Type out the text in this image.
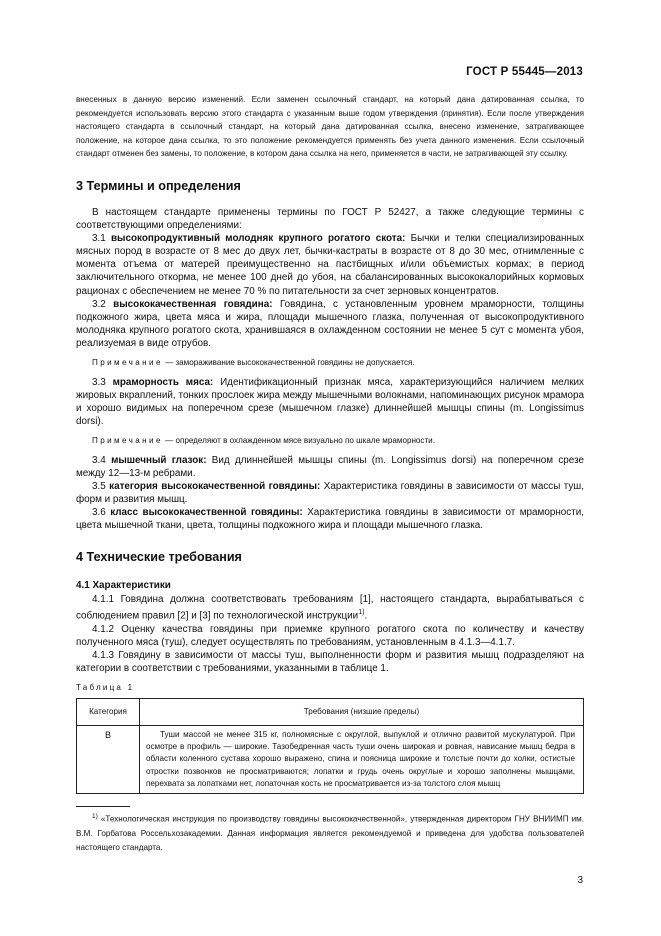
ГОСТ Р 55445—2013

внесенных в данную версию изменений. Если заменен ссылочный стандарт, на который дана датированная ссылка, то рекомендуется использовать версию этого стандарта с указанным выше годом утверждения (принятия). Если после утверждения настоящего стандарта в ссылочный стандарт, на который дана датированная ссылка, внесено изменение, затрагивающее положение, на которое дана ссылка, то это положение рекомендуется применять без учета данного изменения. Если ссылочный стандарт отменен без замены, то положение, в котором дана ссылка на него, применяется в части, не затрагивающей эту ссылку.

3 Термины и определения

В настоящем стандарте применены термины по ГОСТ Р 52427, а также следующие термины с соответствующими определениями:

3.1 высокопродуктивный молодняк крупного рогатого скота: Бычки и телки специализированных мясных пород в возрасте от 8 мес до двух лет, бычки-кастраты в возрасте от 8 до 30 мес, отнимленные с момента отъема от матерей преимущественно на пастбищных и/или объемистых кормах; в период заключительного откорма, не менее 100 дней до убоя, на сбалансированных высококалорийных кормовых рационах с обеспечением не менее 70 % по питательности за счет зерновых концентратов.

3.2 высококачественная говядина: Говядина, с установленным уровнем мраморности, толщины подкожного жира, цвета мяса и жира, площади мышечного глазка, полученная от высокопродуктивного молодняка крупного рогатого скота, хранившаяся в охлажденном состоянии не менее 5 сут с момента убоя, реализуемая в виде отрубов.

Примечание — замораживание высококачественной говядины не допускается.

3.3 мраморность мяса: Идентификационный признак мяса, характеризующийся наличием мелких жировых вкраплений, тонких прослоек жира между мышечными волокнами, напоминающих рисунок мрамора и хорошо видимых на поперечном срезе (мышечном глазке) длиннейшей мышцы спины (m. Longissimus dorsi).

Примечание — определяют в охлажденном мясе визуально по шкале мраморности.

3.4 мышечный глазок: Вид длиннейшей мышцы спины (m. Longissimus dorsi) на поперечном срезе между 12—13-м ребрами.

3.5 категория высококачественной говядины: Характеристика говядины в зависимости от массы туш, форм и развития мышц.

3.6 класс высококачественной говядины: Характеристика говядины в зависимости от мраморности, цвета мышечной ткани, цвета, толщины подкожного жира и площади мышечного глазка.

4 Технические требования
4.1 Характеристики

4.1.1 Говядина должна соответствовать требованиям [1], настоящего стандарта, вырабатываться с соблюдением правил [2] и [3] по технологической инструкции$^{1)}$.

4.1.2 Оценку качества говядины при приемке крупного рогатого скота по количеству и качеству полученного мяса (туш), следует осуществлять по требованиям, установленным в 4.1.3—4.1.7.

4.1.3 Говядину в зависимости от массы туш, выполненности форм и развития мышц подразделяют на категории в соответствии с требованиями, указанными в таблице 1.

Таблица 1
Категория	Требования (низшие пределы)
В	Туши массой не менее 315 кг, полномясные с округлой, выпуклой и отлично развитой мускулатурой. При осмотре в профиль — широкие. Тазобедренная часть туши очень широкая и ровная, нависание мышц бедра в области коленного сустава хорошо выражено, спина и поясница широкие и толстые почти до холки, остистые отростки позвонков не просматриваются; лопатки и грудь очень округлые и хорошо заполнены мышцами, перехвата за лопатками нет, лопаточная кость не просматривается из-за толстого слоя мышц

$^{1)}$ «Технологическая инструкция по производству говядины высококачественной», утвержденная директором ГНУ ВНИИМП им. В.М. Горбатова Россельхозакадемии. Данная информация является рекомендуемой и приведена для удобства пользователей настоящего стандарта.

3
